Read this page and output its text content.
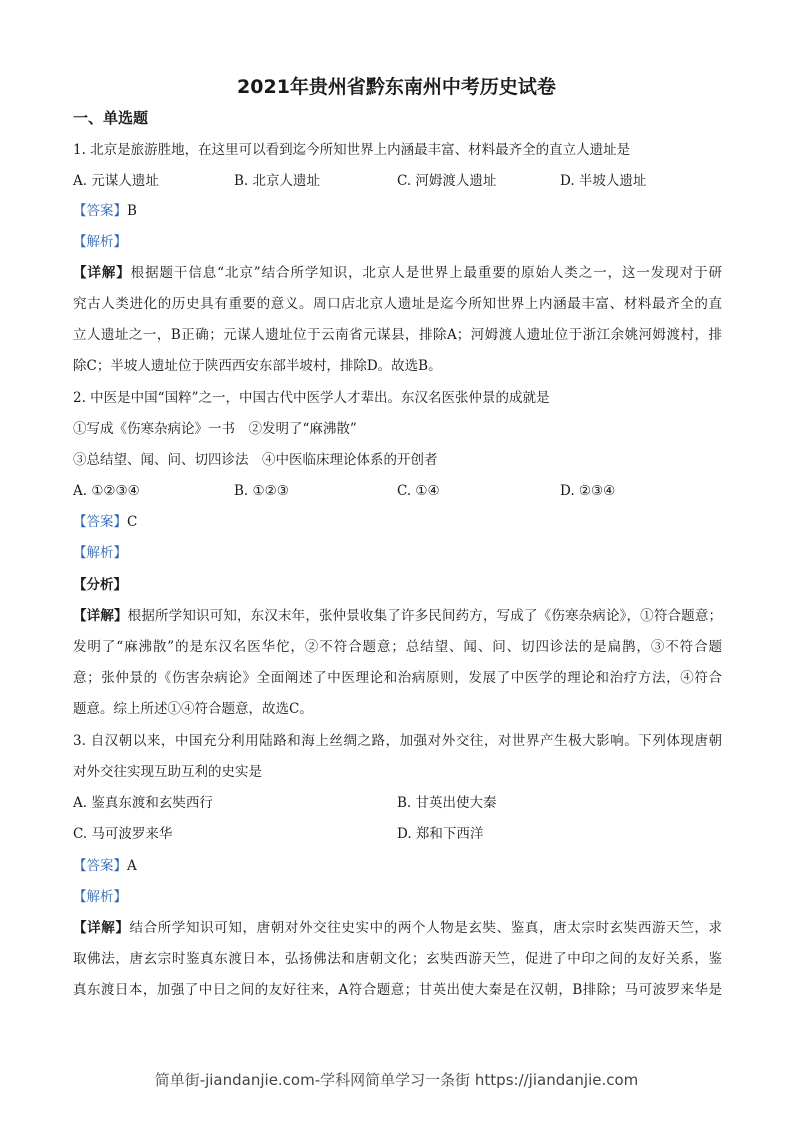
2021年贵州省黔东南州中考历史试卷
一、单选题
1. 北京是旅游胜地，在这里可以看到迄今所知世界上内涵最丰富、材料最齐全的直立人遗址是
A. 元谋人遗址	B. 北京人遗址	C. 河姆渡人遗址	D. 半坡人遗址
【答案】B
【解析】
【详解】根据题干信息“北京”结合所学知识，北京人是世界上最重要的原始人类之一，这一发现对于研
究古人类进化的历史具有重要的意义。周口店北京人遗址是迄今所知世界上内涵最丰富、材料最齐全的直
立人遗址之一，B正确；元谋人遗址位于云南省元谋县，排除A；河姆渡人遗址位于浙江余姚河姆渡村，排
除C；半坡人遗址位于陕西西安东部半坡村，排除D。故选B。
2. 中医是中国“国粹”之一，中国古代中医学人才辈出。东汉名医张仲景的成就是
①写成《伤寒杂病论》一书　②发明了“麻沸散”
③总结望、闻、问、切四诊法　④中医临床理论体系的开创者
A. ①②③④	B. ①②③	C. ①④	D. ②③④
【答案】C
【解析】
【分析】
【详解】根据所学知识可知，东汉末年，张仲景收集了许多民间药方，写成了《伤寒杂病论》，①符合题意；
发明了“麻沸散”的是东汉名医华佗，②不符合题意；总结望、闻、问、切四诊法的是扁鹊，③不符合题
意；张仲景的《伤害杂病论》全面阐述了中医理论和治病原则，发展了中医学的理论和治疗方法，④符合
题意。综上所述①④符合题意，故选C。
3. 自汉朝以来，中国充分利用陆路和海上丝绸之路，加强对外交往，对世界产生极大影响。下列体现唐朝
对外交往实现互助互利的史实是
A. 鉴真东渡和玄奘西行	B. 甘英出使大秦
C. 马可波罗来华	D. 郑和下西洋
【答案】A
【解析】
【详解】结合所学知识可知，唐朝对外交往史实中的两个人物是玄奘、鉴真，唐太宗时玄奘西游天竺，求
取佛法，唐玄宗时鉴真东渡日本，弘扬佛法和唐朝文化；玄奘西游天竺，促进了中印之间的友好关系，鉴
真东渡日本，加强了中日之间的友好往来，A符合题意；甘英出使大秦是在汉朝，B排除；马可波罗来华是
简单街-jiandanjie.com-学科网简单学习一条街 https://jiandanjie.com
